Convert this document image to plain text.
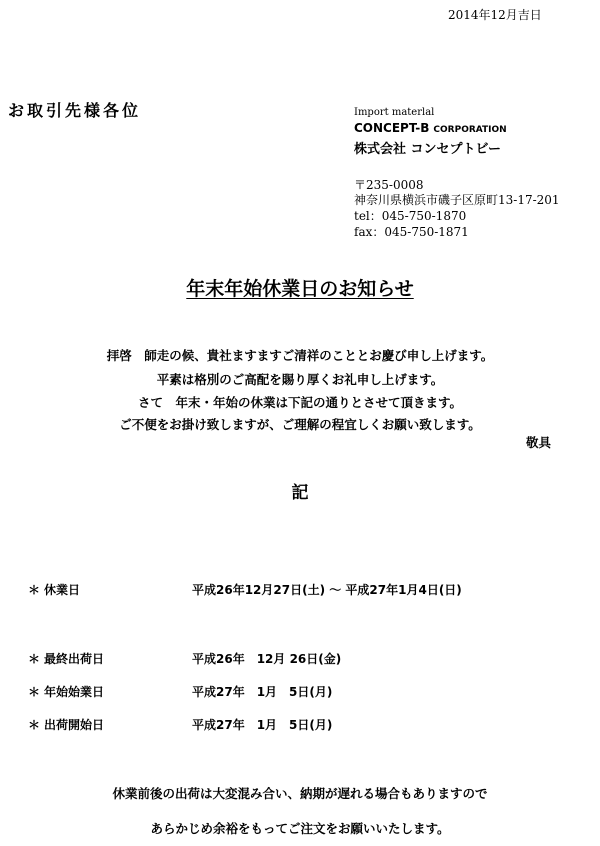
2014年12月吉日
お取引先様各位	Import materlal
CONCEPT-B CORPORATION
株式会社 コンセプトビー
〒235-0008
神奈川県横浜市磯子区原町13-17-201
tel：045-750-1870
fax：045-750-1871
年末年始休業日のお知らせ
拝啓　師走の候、貴社ますますご清祥のこととお慶び申し上げます。
平素は格別のご高配を賜り厚くお礼申し上げます。
さて　年末・年始の休業は下記の通りとさせて頂きます。
ご不便をお掛け致しますが、ご理解の程宜しくお願い致します。
敬具
記
＊ 休業日	平成26年12月27日(土) ～ 平成27年1月4日(日)
＊ 最終出荷日	平成26年　12月 26日(金)
＊ 年始始業日	平成27年　1月　5日(月)
＊ 出荷開始日	平成27年　1月　5日(月)
休業前後の出荷は大変混み合い、納期が遅れる場合もありますので
あらかじめ余裕をもってご注文をお願いいたします。
